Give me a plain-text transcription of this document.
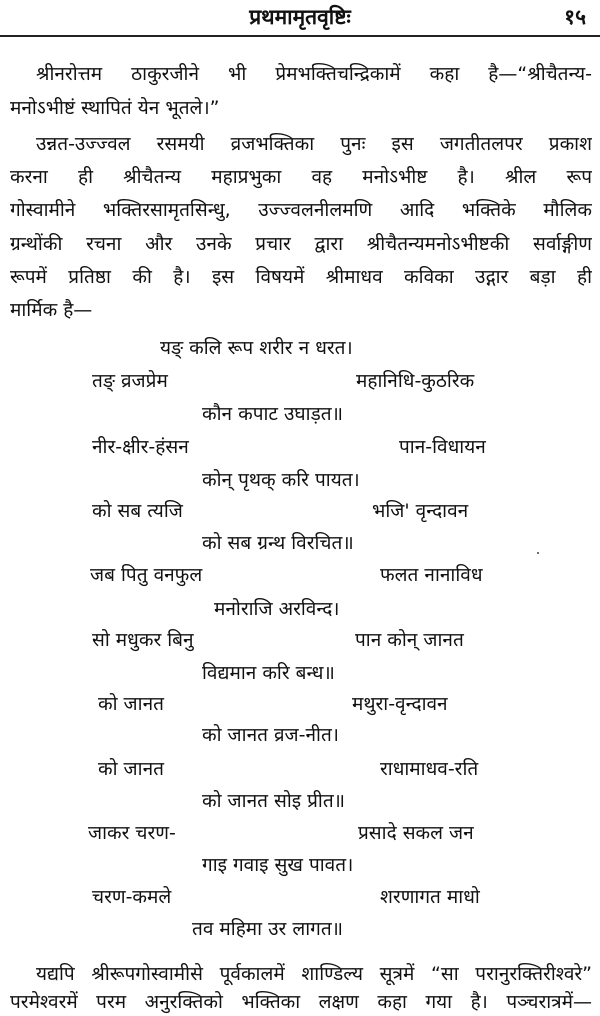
प्रथमामृतवृष्टिः	१५
श्रीनरोत्तम ठाकुरजीने भी प्रेमभक्तिचन्द्रिकामें कहा है—“श्रीचैतन्य-
मनोऽभीष्टं स्थापितं येन भूतले।”
उन्नत-उज्ज्वल रसमयी व्रजभक्तिका पुनः इस जगतीतलपर प्रकाश
करना ही श्रीचैतन्य महाप्रभुका वह मनोऽभीष्ट है। श्रील रूप
गोस्वामीने भक्तिरसामृतसिन्धु, उज्ज्वलनीलमणि आदि भक्तिके मौलिक
ग्रन्थोंकी रचना और उनके प्रचार द्वारा श्रीचैतन्यमनोऽभीष्टकी सर्वाङ्गीण
रूपमें प्रतिष्ठा की है। इस विषयमें श्रीमाधव कविका उद्गार बड़ा ही
मार्मिक है—
यङ् कलि रूप शरीर न धरत।
तङ् व्रजप्रेम	महानिधि-कुठरिक
कौन कपाट उघाड़त॥
नीर-क्षीर-हंसन	पान-विधायन
कोन् पृथक् करि पायत।
को सब त्यजि	भजि' वृन्दावन
को सब ग्रन्थ विरचित॥
जब पितु वनफुल	फलत नानाविध
मनोराजि अरविन्द।
सो मधुकर बिनु	पान कोन् जानत
विद्यमान करि बन्ध॥
को जानत	मथुरा-वृन्दावन
को जानत व्रज-नीत।
को जानत	राधामाधव-रति
को जानत सोइ प्रीत॥
जाकर चरण-	प्रसादे सकल जन
गाइ गवाइ सुख पावत।
चरण-कमले	शरणागत माधो
तव महिमा उर लागत॥
यद्यपि श्रीरूपगोस्वामीसे पूर्वकालमें शाण्डिल्य सूत्रमें “सा परानुरक्तिरीश्वरे”
परमेश्वरमें परम अनुरक्तिको भक्तिका लक्षण कहा गया है। पञ्चरात्रमें—
